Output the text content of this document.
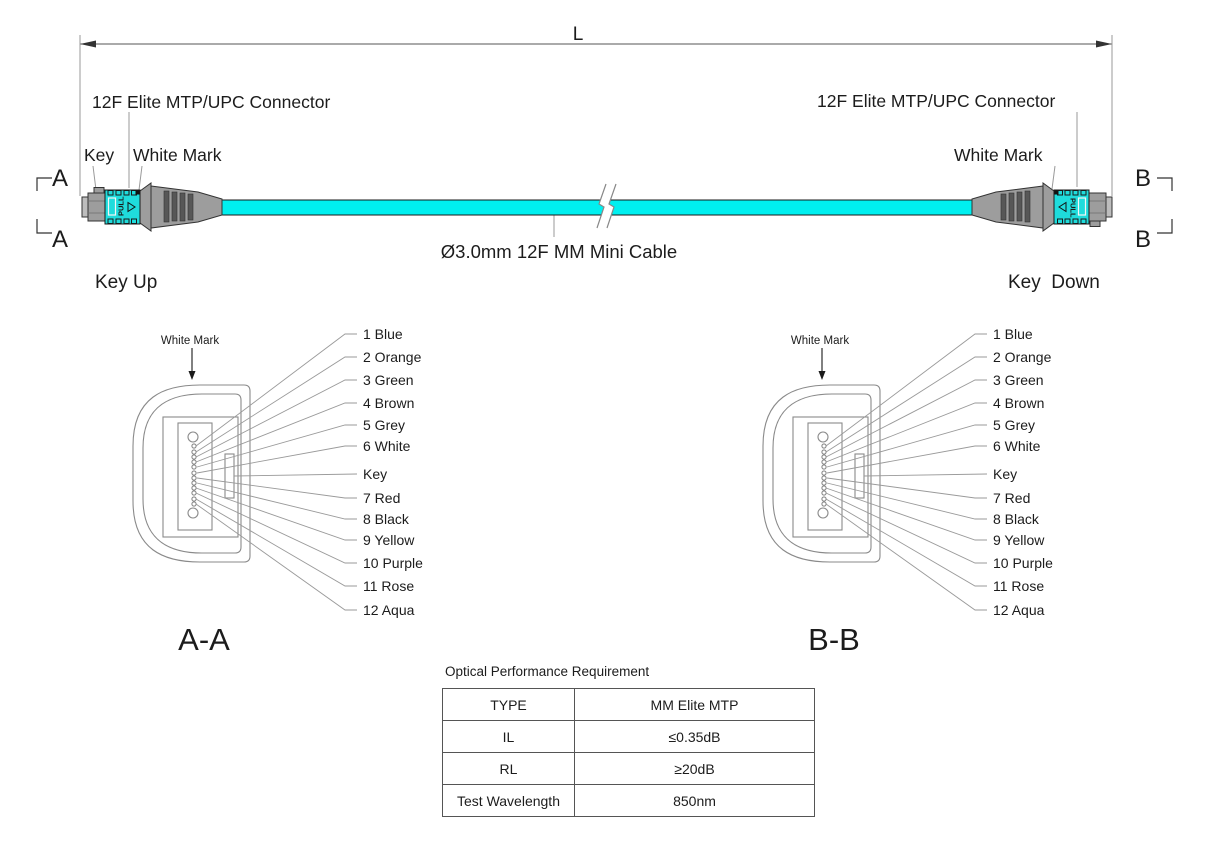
L
PULL	PULL
12F Elite MTP/UPC Connector	12F Elite MTP/UPC Connector
Key White Mark	White Mark
Key Up	Key  Down
Ø3.0mm 12F MM Mini Cable
A
A
B
B
White Mark	1 Blue
2 Orange
3 Green
4 Brown
5 Grey
6 White
Key
7 Red
8 Black
9 Yellow
10 Purple
11 Rose
12 Aqua
A-A
White Mark	1 Blue
2 Orange
3 Green
4 Brown
5 Grey
6 White
Key
7 Red
8 Black
9 Yellow
10 Purple
11 Rose
12 Aqua
B-B
Optical Performance Requirement
TYPE	MM Elite MTP
IL	≤0.35dB
RL	≥20dB
Test Wavelength	850nm
